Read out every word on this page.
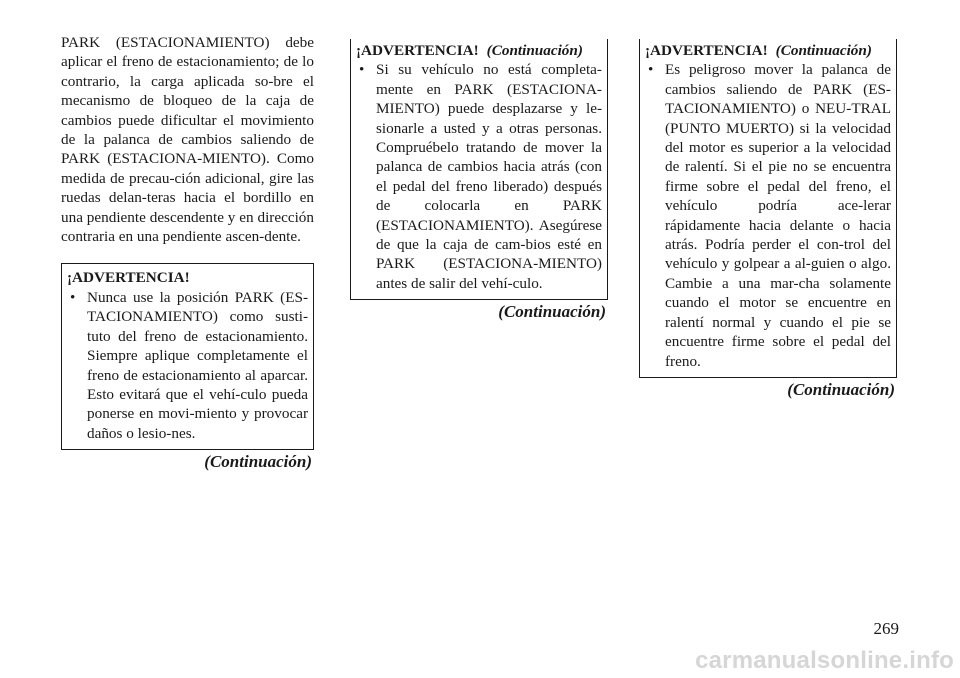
PARK (ESTACIONAMIENTO) debe aplicar el freno de estacionamiento; de lo contrario, la carga aplicada so-bre el mecanismo de bloqueo de la caja de cambios puede dificultar el movimiento de la palanca de cambios saliendo de PARK (ESTACIONA-MIENTO). Como medida de precau-ción adicional, gire las ruedas delan-teras hacia el bordillo en una pendiente descendente y en dirección contraria en una pendiente ascen-dente.

¡ADVERTENCIA!

• Nunca use la posición PARK (ES-TACIONAMIENTO) como susti-tuto del freno de estacionamiento. Siempre aplique completamente el freno de estacionamiento al aparcar. Esto evitará que el vehí-culo pueda ponerse en movi-miento y provocar daños o lesio-nes.

(Continuación)

¡ADVERTENCIA! (Continuación)

• Si su vehículo no está completa-mente en PARK (ESTACIONA-MIENTO) puede desplazarse y le-sionarle a usted y a otras personas. Compruébelo tratando de mover la palanca de cambios hacia atrás (con el pedal del freno liberado) después de colocarla en PARK (ESTACIONAMIENTO). Asegúrese de que la caja de cam-bios esté en PARK (ESTACIONA-MIENTO) antes de salir del vehí-culo.

(Continuación)

¡ADVERTENCIA! (Continuación)

• Es peligroso mover la palanca de cambios saliendo de PARK (ES-TACIONAMIENTO) o NEU-TRAL (PUNTO MUERTO) si la velocidad del motor es superior a la velocidad de ralentí. Si el pie no se encuentra firme sobre el pedal del freno, el vehículo podría ace-lerar rápidamente hacia delante o hacia atrás. Podría perder el con-trol del vehículo y golpear a al-guien o algo. Cambie a una mar-cha solamente cuando el motor se encuentre en ralentí normal y cuando el pie se encuentre firme sobre el pedal del freno.

(Continuación)
269
carmanualsonline.info
